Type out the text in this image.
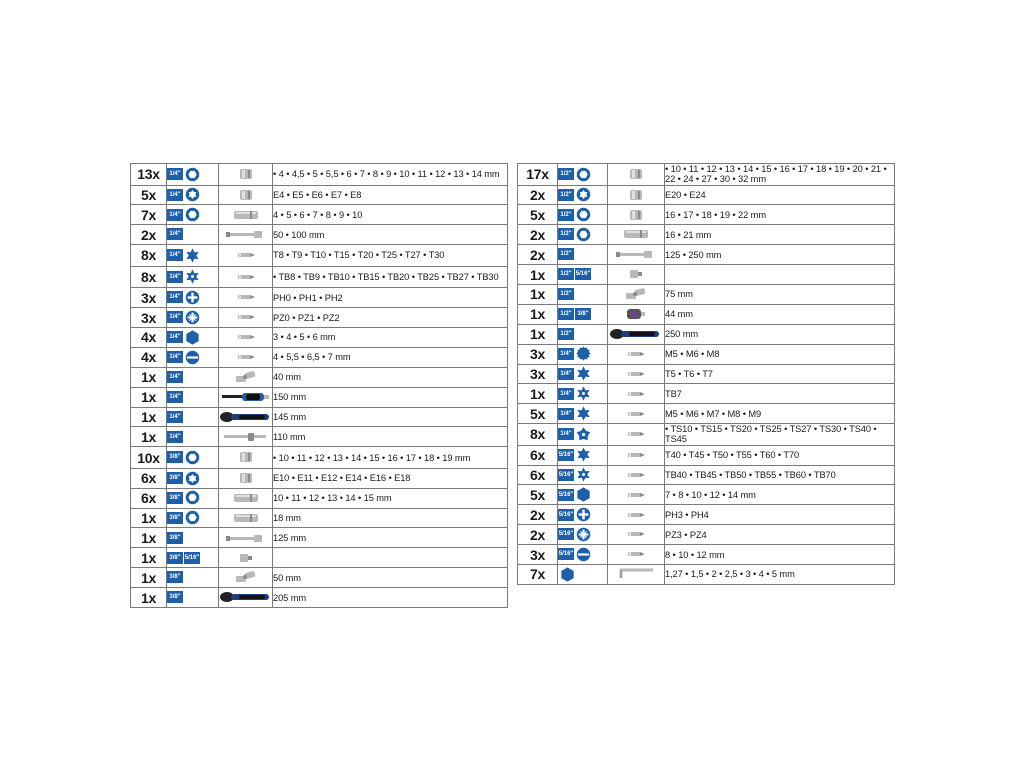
13x	1/4"		• 4 • 4,5 • 5 • 5,5 • 6 • 7 • 8 • 9 • 10 • 11 • 12 • 13 • 14 mm
5x	1/4"		E4 • E5 • E6 • E7 • E8
7x	1/4"		4 • 5 • 6 • 7 • 8 • 9 • 10
2x	1/4"		50 • 100 mm
8x	1/4"		T8 • T9 • T10 • T15 • T20 • T25 • T27 • T30
8x	1/4"		• TB8 • TB9 • TB10 • TB15 • TB20 • TB25 • TB27 • TB30
3x	1/4"		PH0 • PH1 • PH2
3x	1/4"		PZ0 • PZ1 • PZ2
4x	1/4"		3 • 4 • 5 • 6 mm
4x	1/4"		4 • 5,5 • 6,5 • 7 mm
1x	1/4"		40 mm
1x	1/4"		150 mm
1x	1/4"		145 mm
1x	1/4"		110 mm
10x	3/8"		• 10 • 11 • 12 • 13 • 14 • 15 • 16 • 17 • 18 • 19 mm
6x	3/8"		E10 • E11 • E12 • E14 • E16 • E18
6x	3/8"		10 • 11 • 12 • 13 • 14 • 15 mm
1x	3/8"		18 mm
1x	3/8"		125 mm
1x	3/8" 5/16"	

1x	3/8"		50 mm
1x	3/8"		205 mm
17x	1/2"		• 10 • 11 • 12 • 13 • 14 • 15 • 16 • 17 • 18 • 19 • 20 • 21 • 22 • 24 • 27 • 30 • 32 mm
2x	1/2"		E20 • E24
5x	1/2"		16 • 17 • 18 • 19 • 22 mm
2x	1/2"		16 • 21 mm
2x	1/2"		125 • 250 mm
1x	1/2" 5/16"	

1x	1/2"		75 mm
1x	1/2" 3/8"		44 mm
1x	1/2"		250 mm
3x	1/4"		M5 • M6 • M8
3x	1/4"		T5 • T6 • T7
1x	1/4"		TB7
5x	1/4"		M5 • M6 • M7 • M8 • M9
8x	1/4"		• TS10 • TS15 • TS20 • TS25 • TS27 • TS30 • TS40 • TS45
6x	5/16"		T40 • T45 • T50 • T55 • T60 • T70
6x	5/16"		TB40 • TB45 • TB50 • TB55 • TB60 • TB70
5x	5/16"		7 • 8 • 10 • 12 • 14 mm
2x	5/16"		PH3 • PH4
2x	5/16"		PZ3 • PZ4
3x	5/16"		8 • 10 • 12 mm
7x			1,27 • 1,5 • 2 • 2,5 • 3 • 4 • 5 mm
